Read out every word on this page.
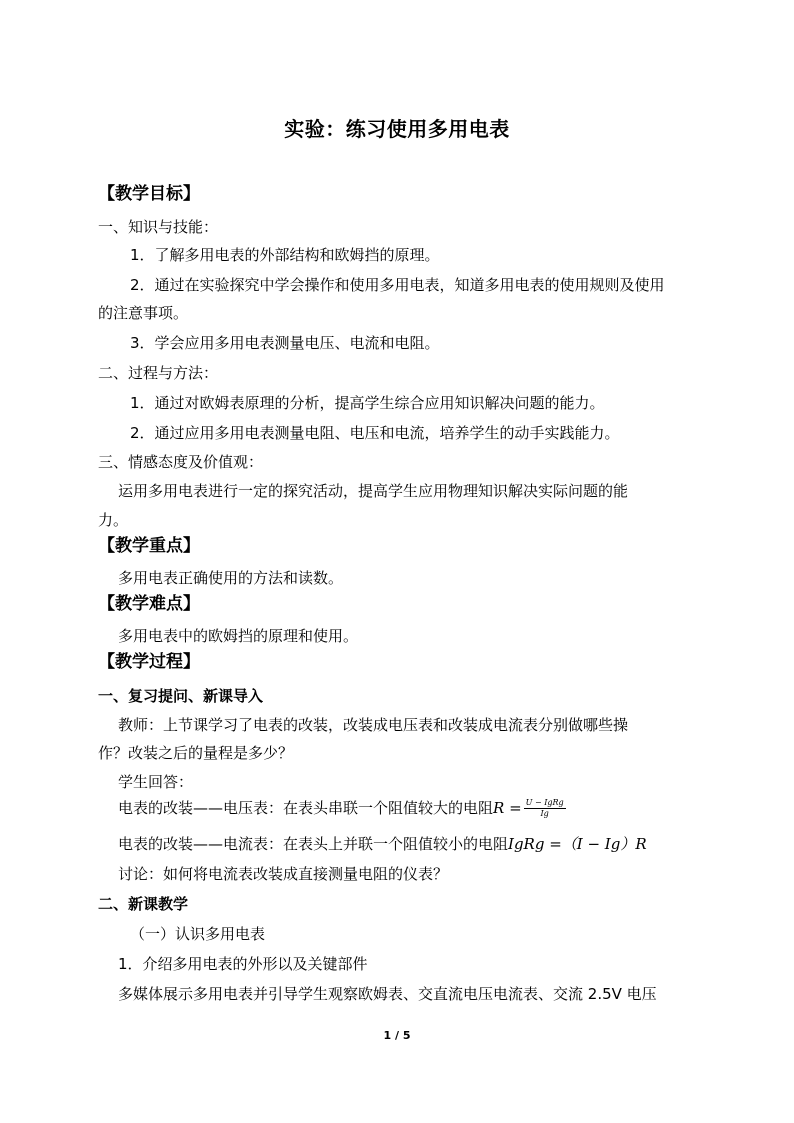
实验：练习使用多用电表
【教学目标】
一、知识与技能：
1．了解多用电表的外部结构和欧姆挡的原理。
2．通过在实验探究中学会操作和使用多用电表，知道多用电表的使用规则及使用
的注意事项。
3．学会应用多用电表测量电压、电流和电阻。
二、过程与方法：
1．通过对欧姆表原理的分析，提高学生综合应用知识解决问题的能力。
2．通过应用多用电表测量电阻、电压和电流，培养学生的动手实践能力。
三、情感态度及价值观：
运用多用电表进行一定的探究活动，提高学生应用物理知识解决实际问题的能
力。
【教学重点】
多用电表正确使用的方法和读数。
【教学难点】
多用电表中的欧姆挡的原理和使用。
【教学过程】
一、复习提问、新课导入
教师：上节课学习了电表的改装，改装成电压表和改装成电流表分别做哪些操
作？改装之后的量程是多少？
学生回答：
电表的改装——电压表：在表头串联一个阻值较大的电阻$R = \frac{\text{U − IgRg}}{Ig}$
电表的改装——电流表：在表头上并联一个阻值较小的电阻IgRg =（I − Ig）R
讨论：如何将电流表改装成直接测量电阻的仪表？
二、新课教学
（一）认识多用电表
1．介绍多用电表的外形以及关键部件
多媒体展示多用电表并引导学生观察欧姆表、交直流电压电流表、交流 2.5V 电压
1 / 5
